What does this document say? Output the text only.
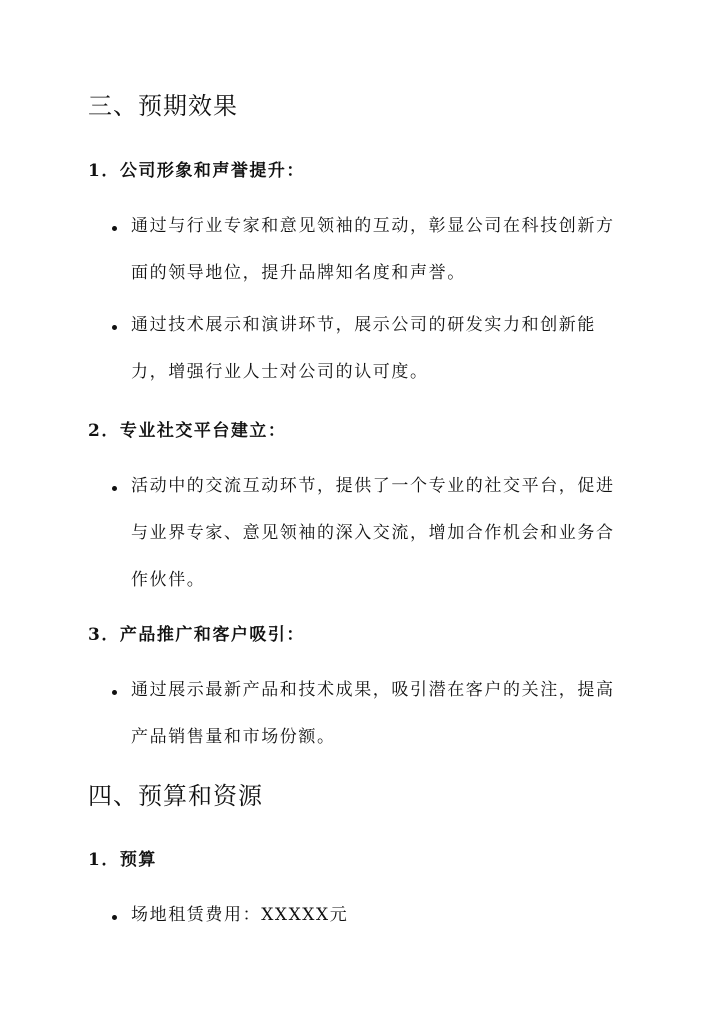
三、预期效果
1．公司形象和声誉提升：

通过与行业专家和意见领袖的互动，彰显公司在科技创新方面的领导地位，提升品牌知名度和声誉。

通过技术展示和演讲环节，展示公司的研发实力和创新能力，增强行业人士对公司的认可度。

2．专业社交平台建立：

活动中的交流互动环节，提供了一个专业的社交平台，促进与业界专家、意见领袖的深入交流，增加合作机会和业务合作伙伴。

3．产品推广和客户吸引：

通过展示最新产品和技术成果，吸引潜在客户的关注，提高产品销售量和市场份额。

四、预算和资源
1．预算

场地租赁费用：XXXXX元
